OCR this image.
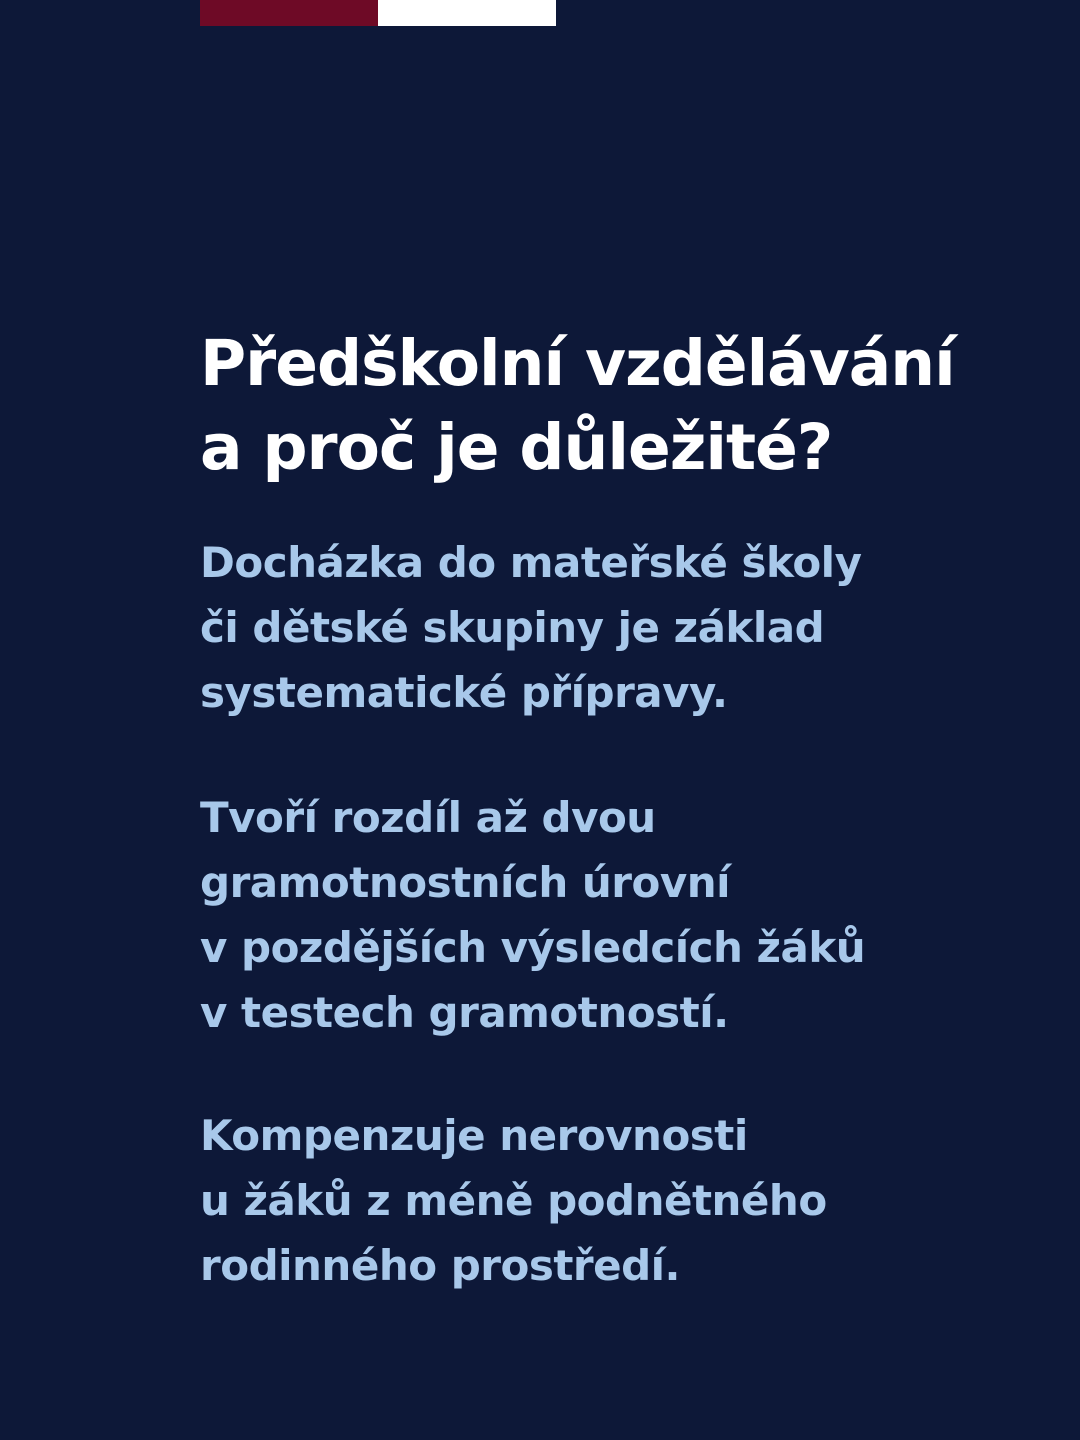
Předškolní vzdělávání
a proč je důležité?

Docházka do mateřské školy
či dětské skupiny je základ
systematické přípravy.

Tvoří rozdíl až dvou
gramotnostních úrovní
v pozdějších výsledcích žáků
v testech gramotností.

Kompenzuje nerovnosti
u žáků z méně podnětného
rodinného prostředí.
